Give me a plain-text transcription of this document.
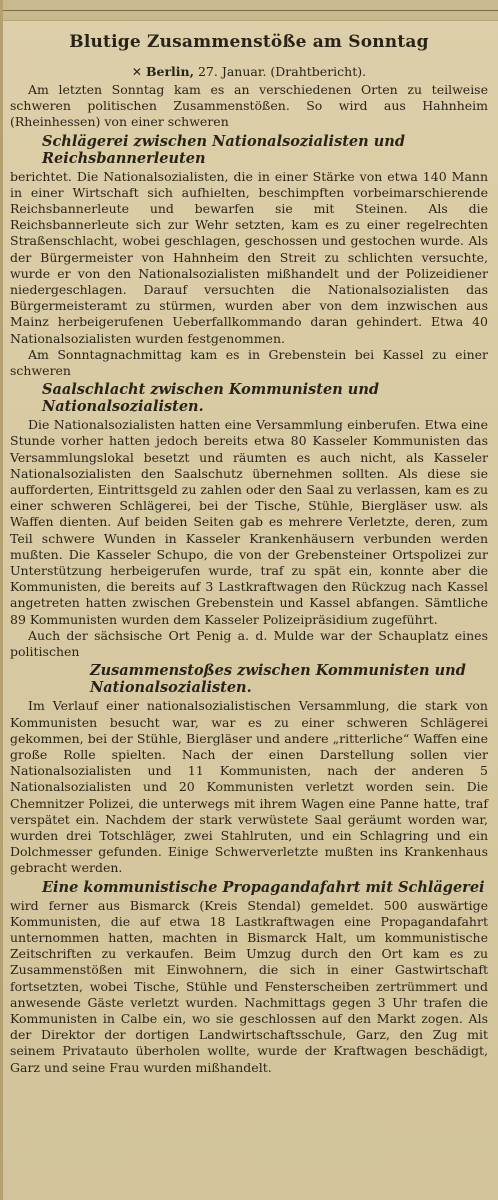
Blutige Zusammenstöße am Sonntag
✕ Berlin, 27. Januar. (Drahtbericht).

Am letzten Sonntag kam es an verschiedenen Orten zu teilweise schweren politischen Zusammenstößen. So wird aus Hahnheim (Rheinhessen) von einer schweren

Schlägerei zwischen Nationalsozialisten und Reichsbannerleuten

berichtet. Die Nationalsozialisten, die in einer Stärke von etwa 140 Mann in einer Wirtschaft sich aufhielten, beschimpften vorbeimarschierende Reichsbannerleute und bewarfen sie mit Steinen. Als die Reichsbannerleute sich zur Wehr setzten, kam es zu einer regelrechten Straßenschlacht, wobei geschlagen, geschossen und gestochen wurde. Als der Bürgermeister von Hahnheim den Streit zu schlichten versuchte, wurde er von den Nationalsozialisten mißhandelt und der Polizeidiener niedergeschlagen. Darauf versuchten die Nationalsozialisten das Bürgermeisteramt zu stürmen, wurden aber von dem inzwischen aus Mainz herbeigerufenen Ueberfallkommando daran gehindert. Etwa 40 Nationalsozialisten wurden festgenommen.

Am Sonntagnachmittag kam es in Grebenstein bei Kassel zu einer schweren

Saalschlacht zwischen Kommunisten und Nationalsozialisten.

Die Nationalsozialisten hatten eine Versammlung einberufen. Etwa eine Stunde vorher hatten jedoch bereits etwa 80 Kasseler Kommunisten das Versammlungslokal besetzt und räumten es auch nicht, als Kasseler Nationalsozialisten den Saalschutz übernehmen sollten. Als diese sie aufforderten, Eintrittsgeld zu zahlen oder den Saal zu verlassen, kam es zu einer schweren Schlägerei, bei der Tische, Stühle, Biergläser usw. als Waffen dienten. Auf beiden Seiten gab es mehrere Verletzte, deren, zum Teil schwere Wunden in Kasseler Krankenhäusern verbunden werden mußten. Die Kasseler Schupo, die von der Grebensteiner Ortspolizei zur Unterstützung herbeigerufen wurde, traf zu spät ein, konnte aber die Kommunisten, die bereits auf 3 Lastkraftwagen den Rückzug nach Kassel angetreten hatten zwischen Grebenstein und Kassel abfangen. Sämtliche 89 Kommunisten wurden dem Kasseler Polizeipräsidium zugeführt.

Auch der sächsische Ort Penig a. d. Mulde war der Schauplatz eines politischen

Zusammenstoßes zwischen Kommunisten und Nationalsozialisten.

Im Verlauf einer nationalsozialistischen Versammlung, die stark von Kommunisten besucht war, war es zu einer schweren Schlägerei gekommen, bei der Stühle, Biergläser und andere „ritterliche“ Waffen eine große Rolle spielten. Nach der einen Darstellung sollen vier Nationalsozialisten und 11 Kommunisten, nach der anderen 5 Nationalsozialisten und 20 Kommunisten verletzt worden sein. Die Chemnitzer Polizei, die unterwegs mit ihrem Wagen eine Panne hatte, traf verspätet ein. Nachdem der stark verwüstete Saal geräumt worden war, wurden drei Totschläger, zwei Stahlruten, und ein Schlagring und ein Dolchmesser gefunden. Einige Schwerverletzte mußten ins Krankenhaus gebracht werden.

Eine kommunistische Propagandafahrt mit Schlägerei

wird ferner aus Bismarck (Kreis Stendal) gemeldet. 500 auswärtige Kommunisten, die auf etwa 18 Lastkraftwagen eine Propagandafahrt unternommen hatten, machten in Bismarck Halt, um kommunistische Zeitschriften zu verkaufen. Beim Umzug durch den Ort kam es zu Zusammenstößen mit Einwohnern, die sich in einer Gastwirtschaft fortsetzten, wobei Tische, Stühle und Fensterscheiben zertrümmert und anwesende Gäste verletzt wurden. Nachmittags gegen 3 Uhr trafen die Kommunisten in Calbe ein, wo sie geschlossen auf den Markt zogen. Als der Direktor der dortigen Landwirtschaftsschule, Garz, den Zug mit seinem Privatauto überholen wollte, wurde der Kraftwagen beschädigt, Garz und seine Frau wurden mißhandelt.
